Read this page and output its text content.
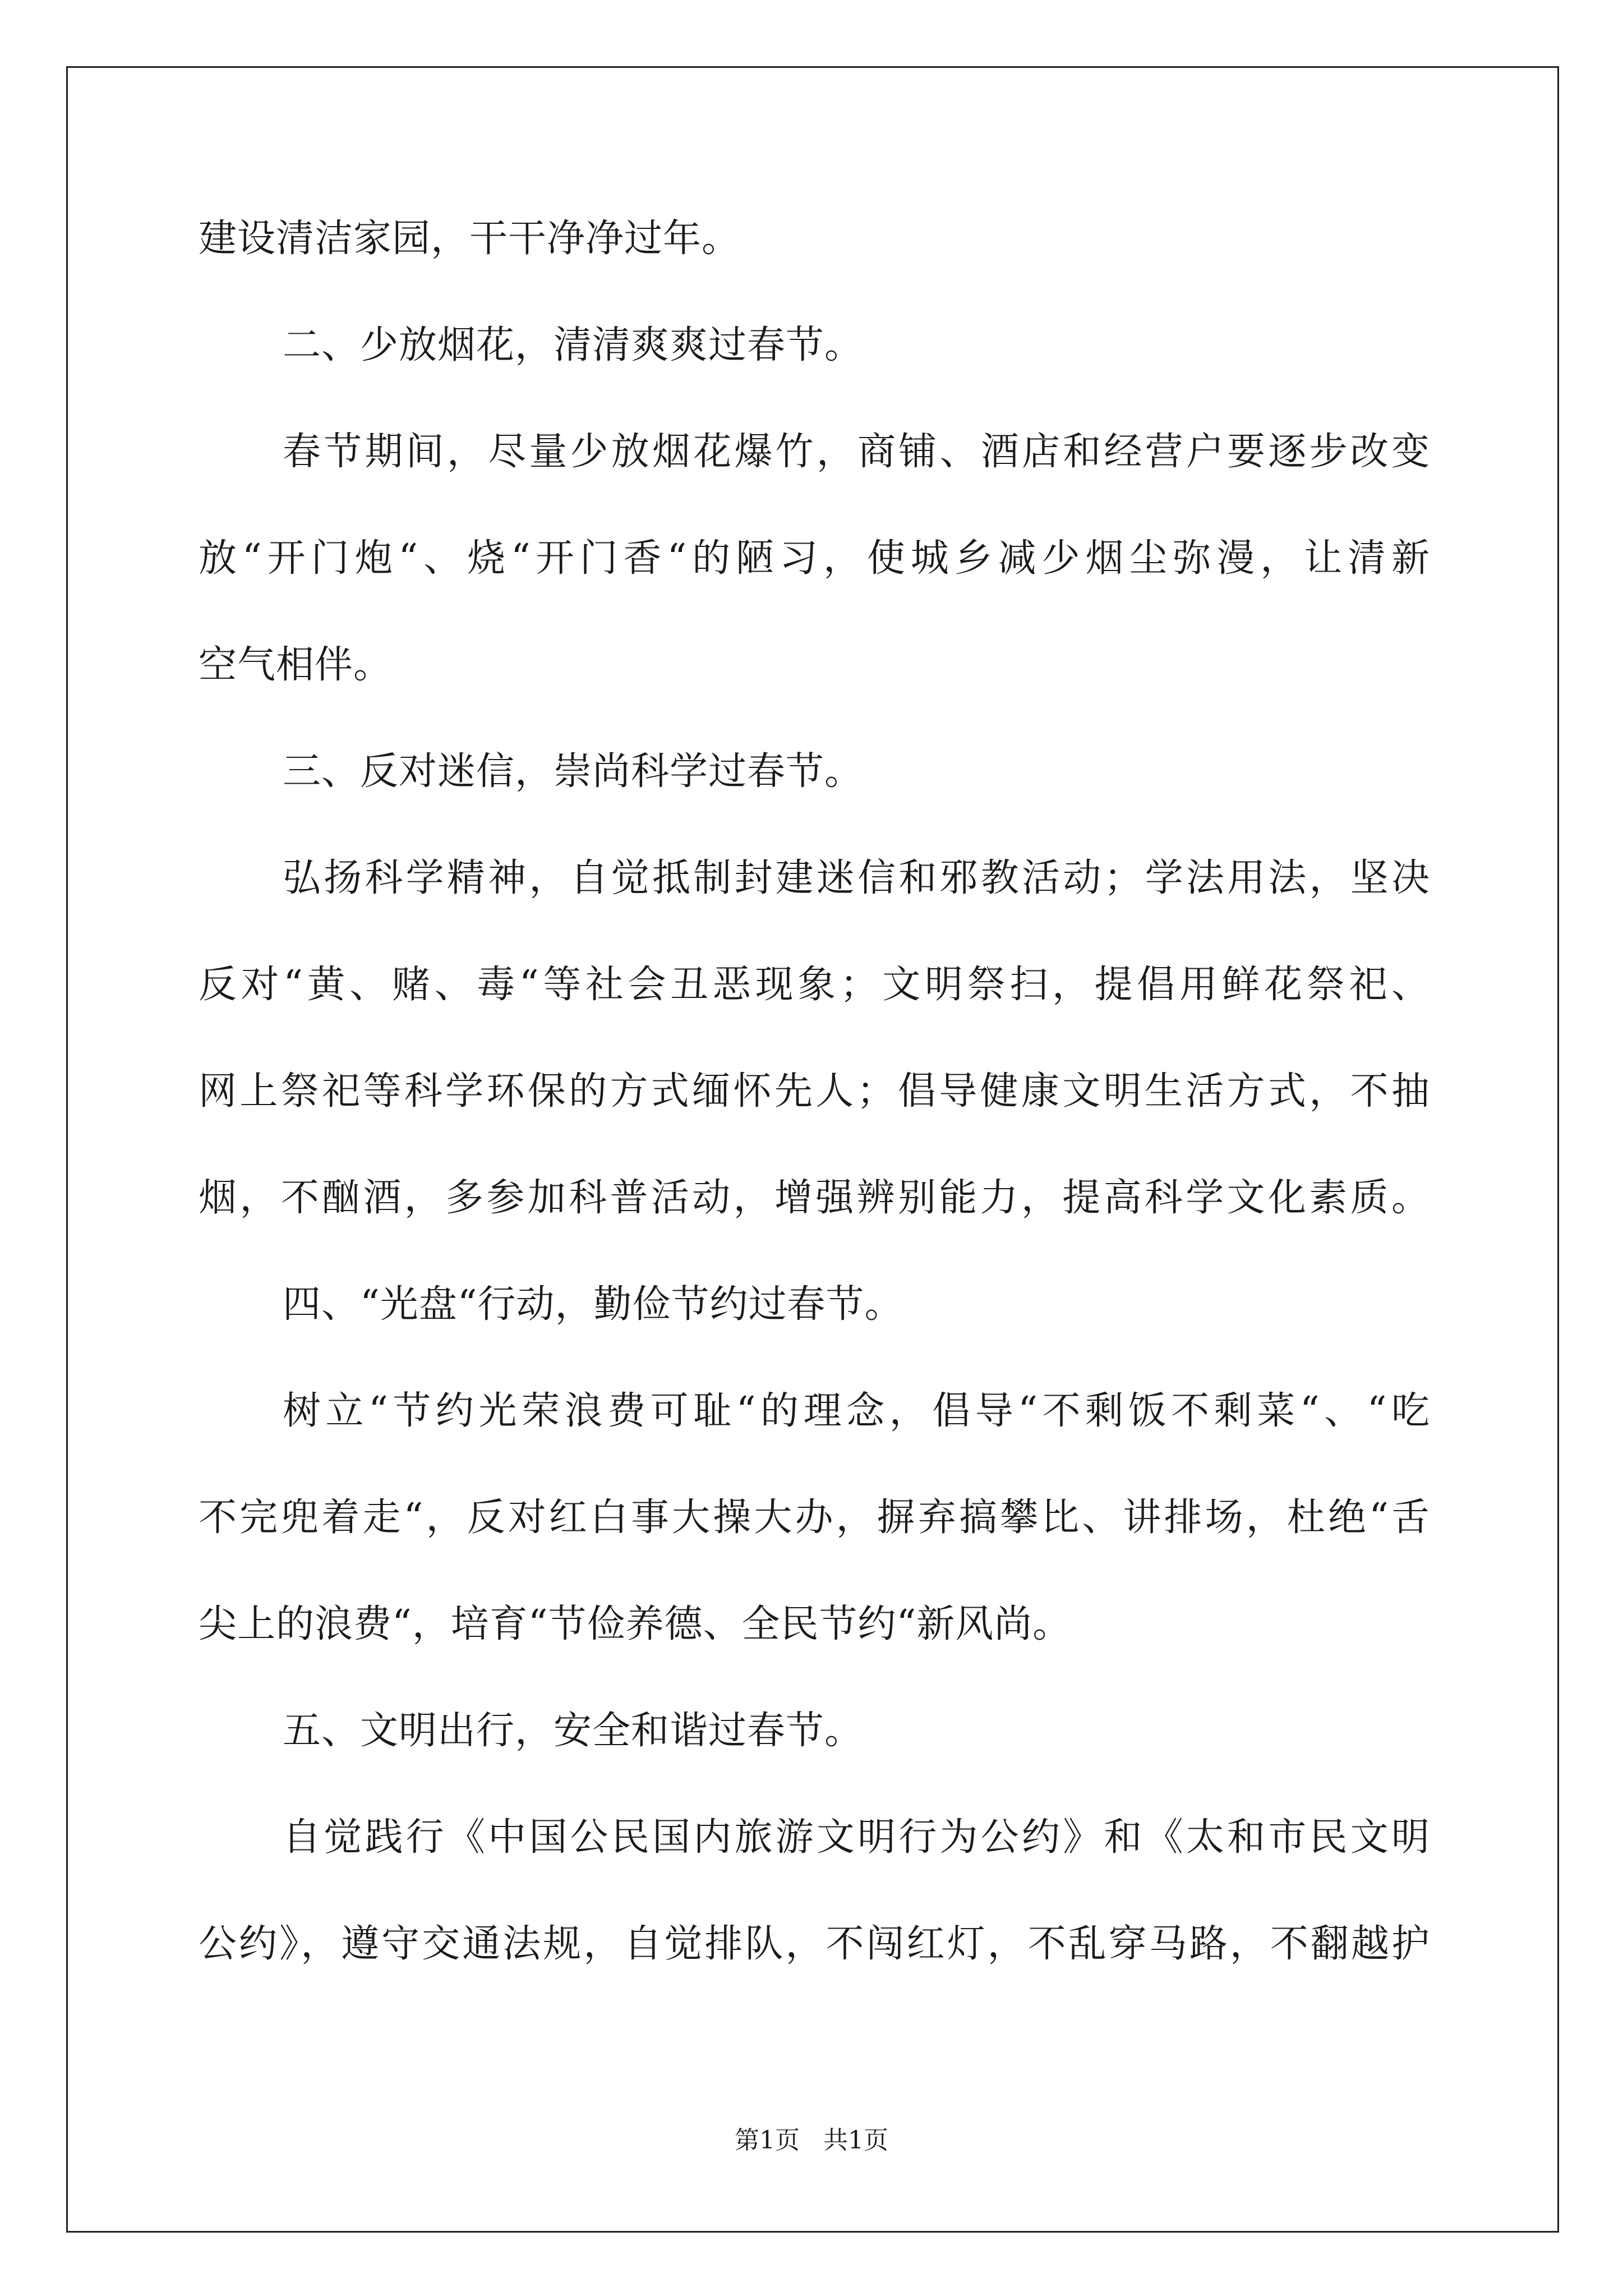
建设清洁家园，干干净净过年。
二、少放烟花，清清爽爽过春节。
春节期间，尽量少放烟花爆竹，商铺、酒店和经营户要逐步改变
放“开门炮“、烧“开门香“的陋习，使城乡减少烟尘弥漫，让清新
空气相伴。
三、反对迷信，崇尚科学过春节。
弘扬科学精神，自觉抵制封建迷信和邪教活动；学法用法，坚决
反对“黄、赌、毒“等社会丑恶现象；文明祭扫，提倡用鲜花祭祀、
网上祭祀等科学环保的方式缅怀先人；倡导健康文明生活方式，不抽
烟，不酗酒，多参加科普活动，增强辨别能力，提高科学文化素质。
四、“光盘“行动，勤俭节约过春节。
树立“节约光荣浪费可耻“的理念，倡导“不剩饭不剩菜“、“吃
不完兜着走“，反对红白事大操大办，摒弃搞攀比、讲排场，杜绝“舌
尖上的浪费“，培育“节俭养德、全民节约“新风尚。
五、文明出行，安全和谐过春节。
自觉践行《中国公民国内旅游文明行为公约》和《太和市民文明
公约》，遵守交通法规，自觉排队，不闯红灯，不乱穿马路，不翻越护
第1页 共1页
